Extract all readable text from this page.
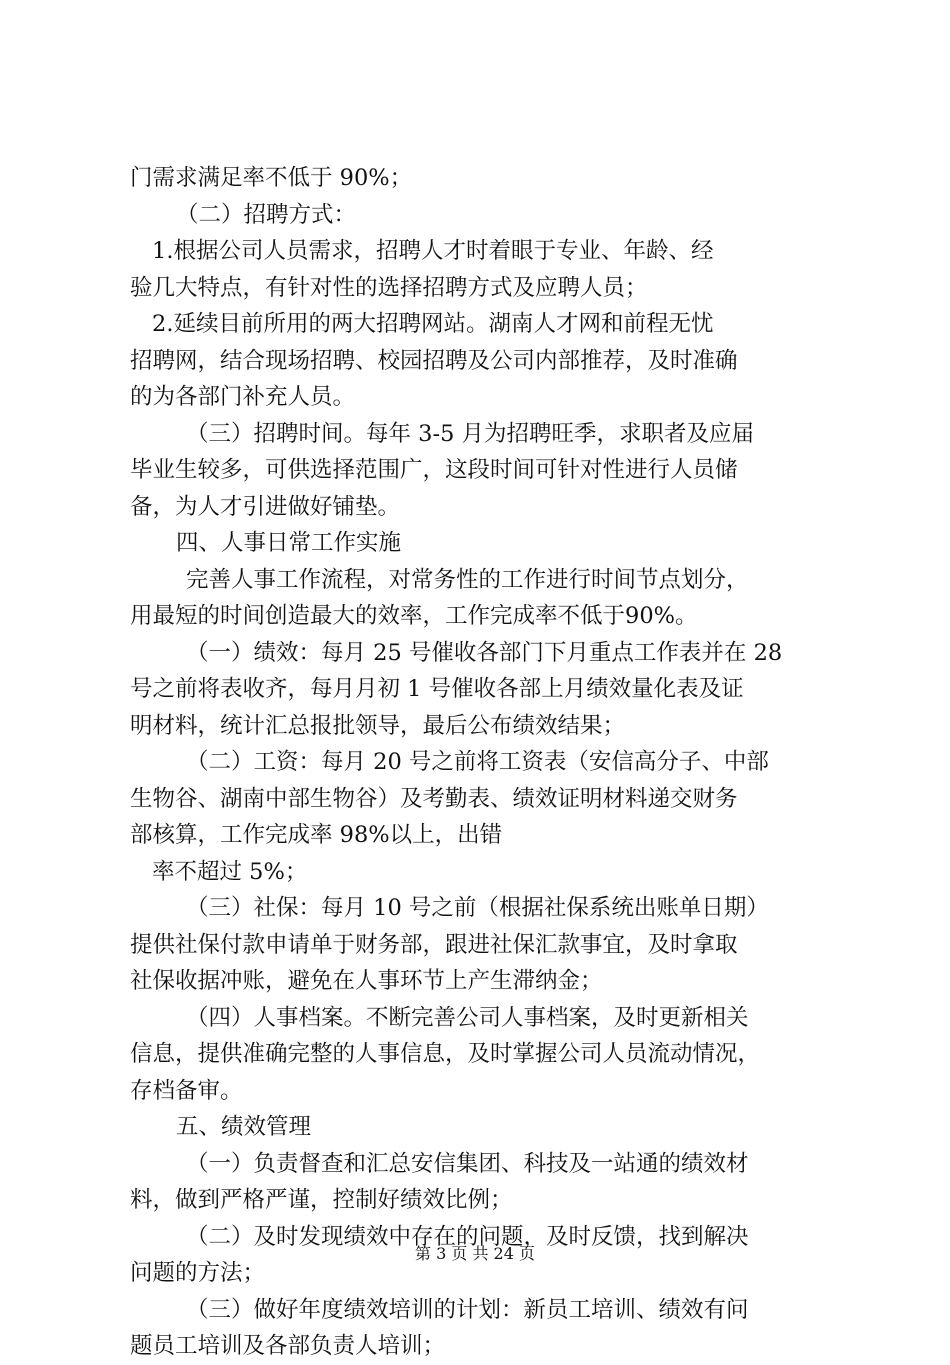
门需求满足率不低于 90%；
（二）招聘方式：
1.根据公司人员需求，招聘人才时着眼于专业、年龄、经
验几大特点，有针对性的选择招聘方式及应聘人员；
2.延续目前所用的两大招聘网站。湖南人才网和前程无忧
招聘网，结合现场招聘、校园招聘及公司内部推荐，及时准确
的为各部门补充人员。
（三）招聘时间。每年 3-5 月为招聘旺季，求职者及应届
毕业生较多，可供选择范围广，这段时间可针对性进行人员储
备，为人才引进做好铺垫。
四、人事日常工作实施
完善人事工作流程，对常务性的工作进行时间节点划分，
用最短的时间创造最大的效率，工作完成率不低于90%。
（一）绩效：每月 25 号催收各部门下月重点工作表并在 28
号之前将表收齐，每月月初 1 号催收各部上月绩效量化表及证
明材料，统计汇总报批领导，最后公布绩效结果；
（二）工资：每月 20 号之前将工资表（安信高分子、中部
生物谷、湖南中部生物谷）及考勤表、绩效证明材料递交财务
部核算，工作完成率 98%以上，出错
率不超过 5%；
（三）社保：每月 10 号之前（根据社保系统出账单日期）
提供社保付款申请单于财务部，跟进社保汇款事宜，及时拿取
社保收据冲账，避免在人事环节上产生滞纳金；
（四）人事档案。不断完善公司人事档案，及时更新相关
信息，提供准确完整的人事信息，及时掌握公司人员流动情况，
存档备审。
五、绩效管理
（一）负责督查和汇总安信集团、科技及一站通的绩效材
料，做到严格严谨，控制好绩效比例；
（二）及时发现绩效中存在的问题，及时反馈，找到解决
问题的方法；
（三）做好年度绩效培训的计划：新员工培训、绩效有问
题员工培训及各部负责人培训；
第 3 页 共 24 页
